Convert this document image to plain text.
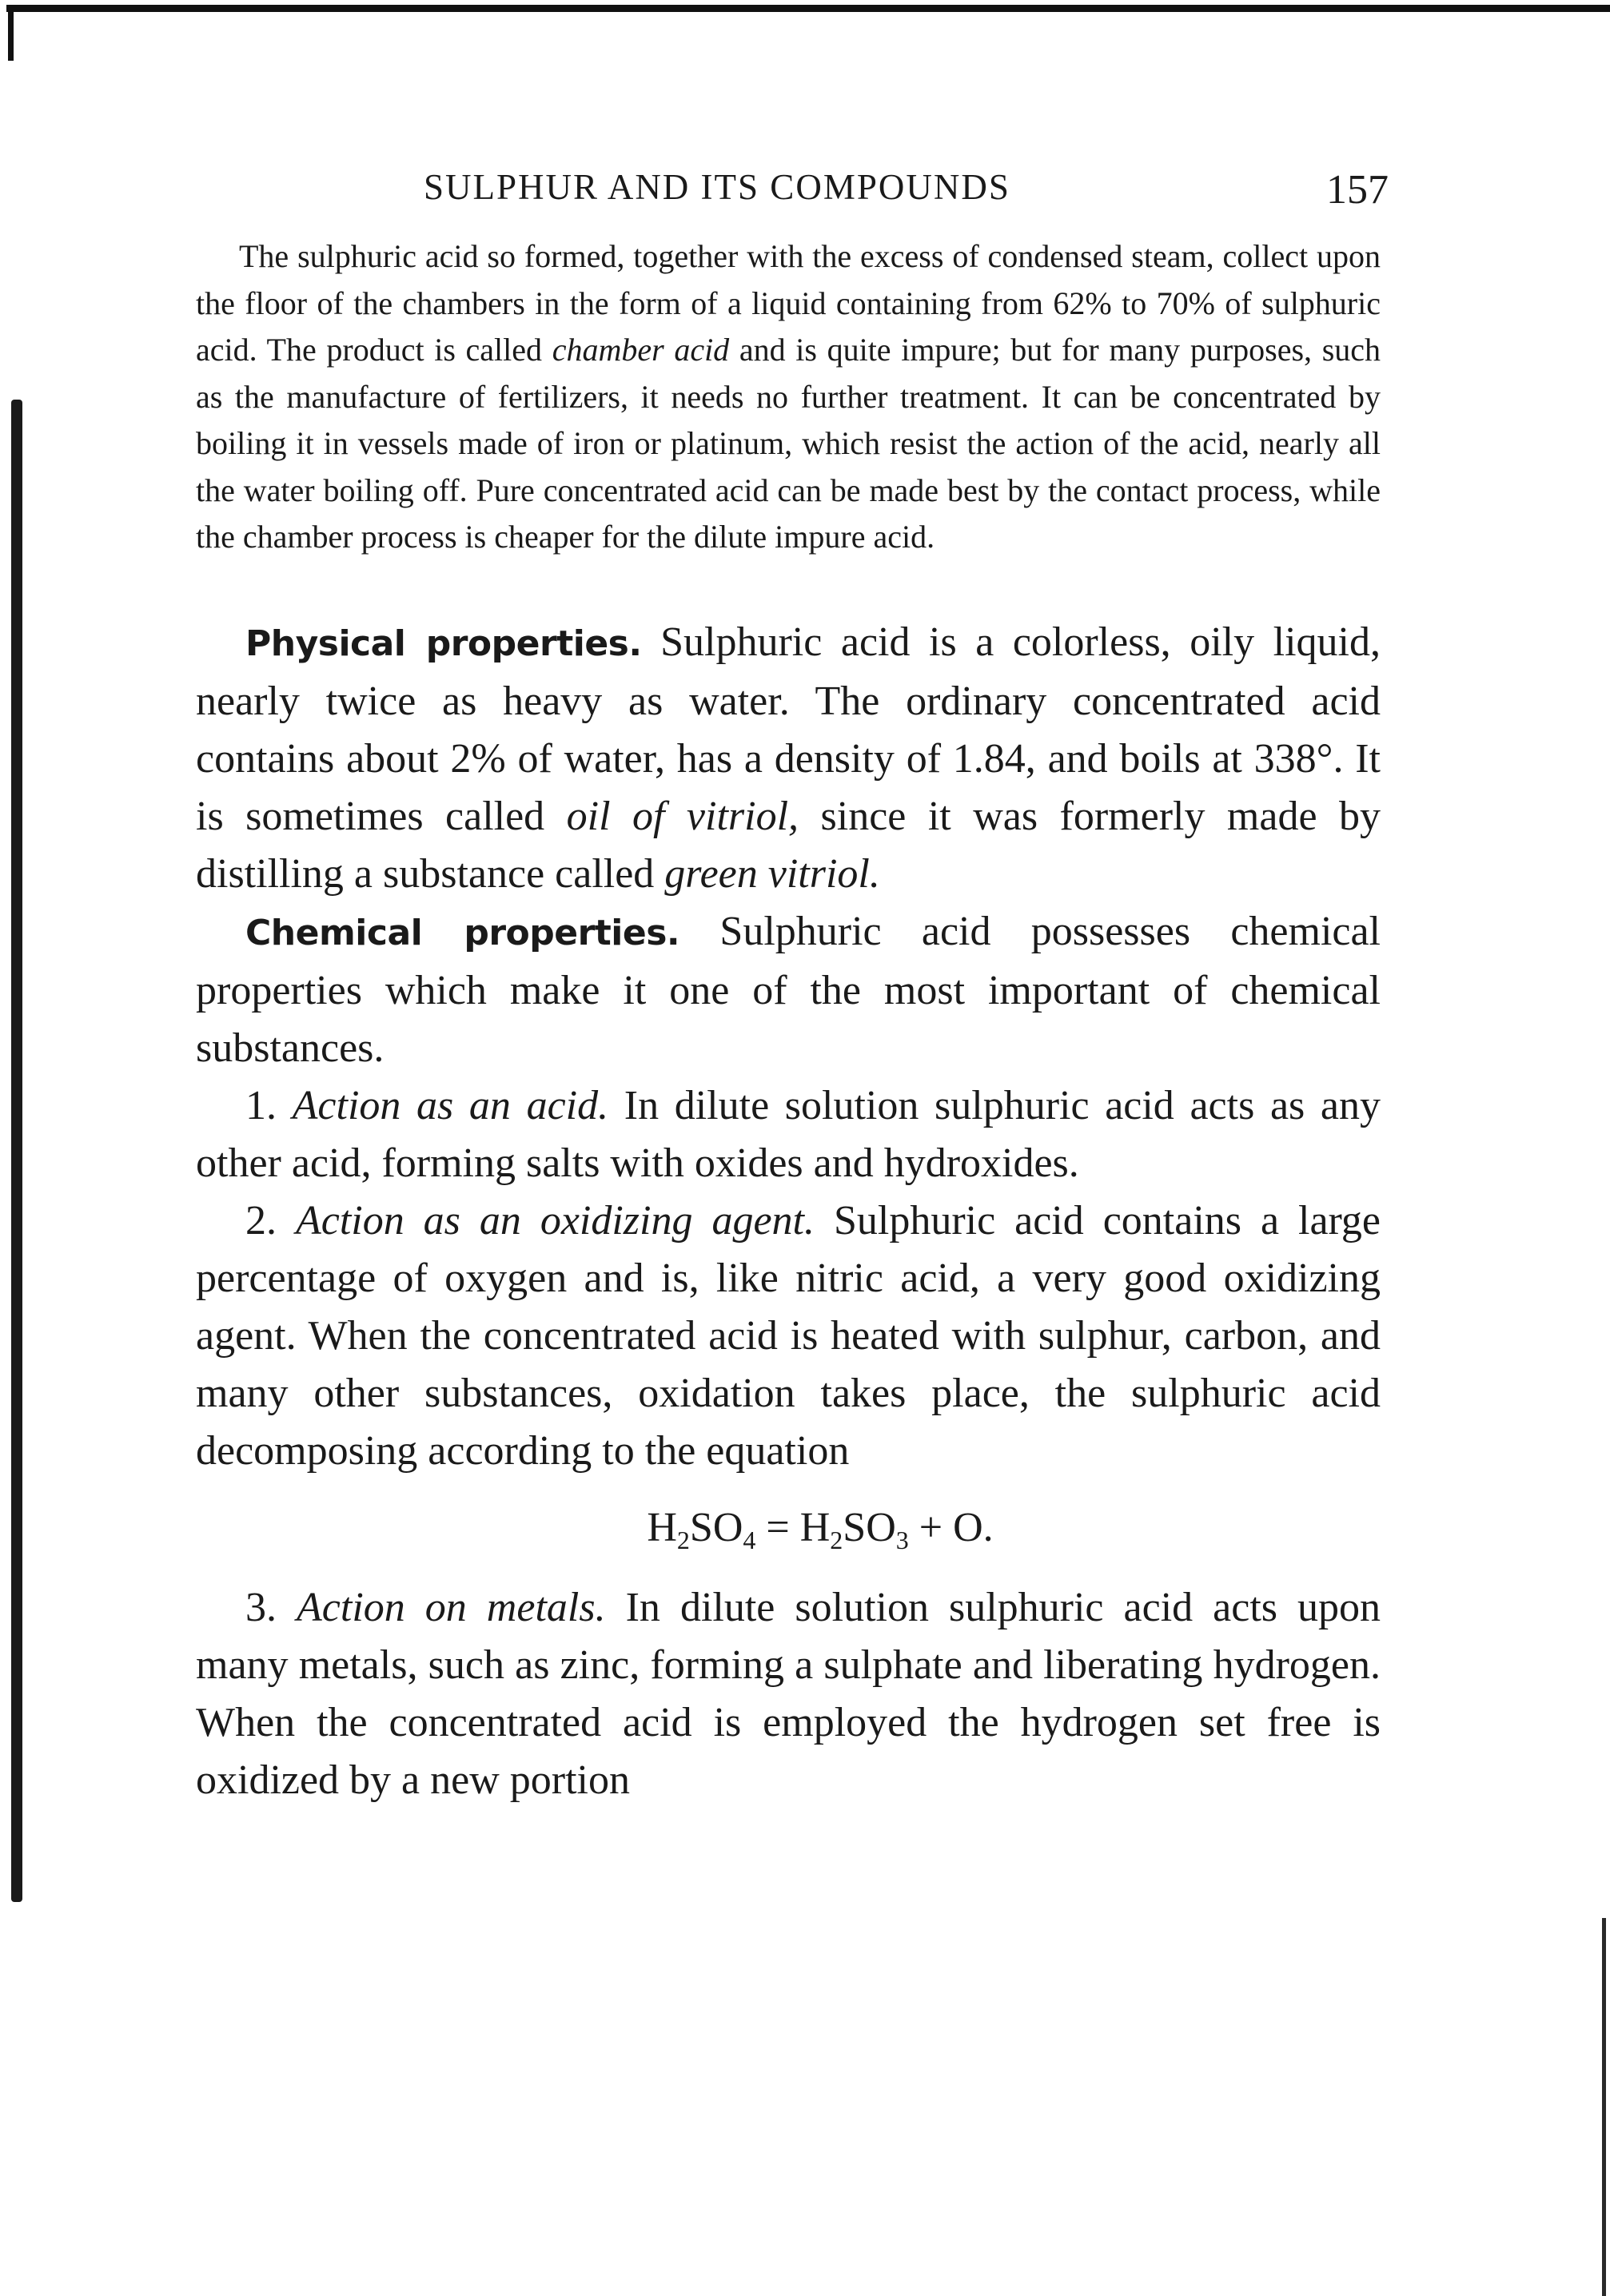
SULPHUR AND ITS COMPOUNDS	157

The sulphuric acid so formed, together with the excess of condensed steam, collect upon the floor of the chambers in the form of a liquid containing from 62% to 70% of sulphuric acid. The product is called chamber acid and is quite impure; but for many purposes, such as the manufacture of fertilizers, it needs no further treatment. It can be concentrated by boiling it in vessels made of iron or platinum, which resist the action of the acid, nearly all the water boiling off. Pure concentrated acid can be made best by the contact process, while the chamber process is cheaper for the dilute impure acid.

Physical properties. Sulphuric acid is a colorless, oily liquid, nearly twice as heavy as water. The ordinary concentrated acid contains about 2% of water, has a density of 1.84, and boils at 338°. It is sometimes called oil of vitriol, since it was formerly made by distilling a substance called green vitriol.

Chemical properties. Sulphuric acid possesses chemical properties which make it one of the most important of chemical substances.

1. Action as an acid. In dilute solution sulphuric acid acts as any other acid, forming salts with oxides and hydroxides.

2. Action as an oxidizing agent. Sulphuric acid contains a large percentage of oxygen and is, like nitric acid, a very good oxidizing agent. When the concentrated acid is heated with sulphur, carbon, and many other substances, oxidation takes place, the sulphuric acid decomposing according to the equation

$H_2SO_4 = H_2SO_3 + O$.

3. Action on metals. In dilute solution sulphuric acid acts upon many metals, such as zinc, forming a sulphate and liberating hydrogen. When the concentrated acid is employed the hydrogen set free is oxidized by a new portion
